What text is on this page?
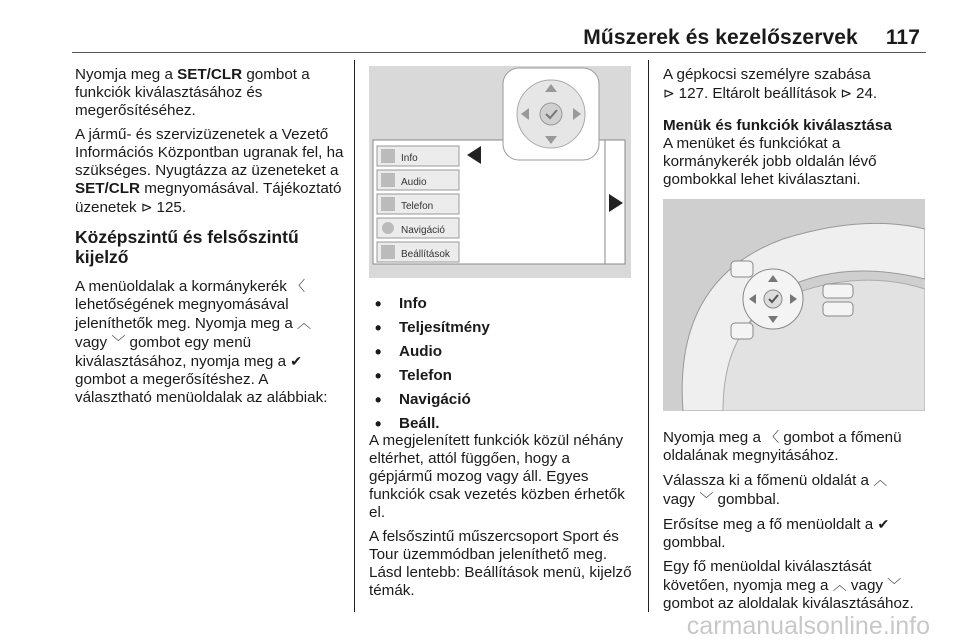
Műszerek és kezelőszervek 117

Nyomja meg a SET/CLR gombot a funkciók kiválasztásához és megerősítéséhez.

A jármű- és szervizüzenetek a Vezető Információs Központban ugranak fel, ha szükséges. Nyugtázza az üzeneteket a SET/CLR megnyomásával. Tájékoztató üzenetek ⊳ 125.

Középszintű és felsőszintű kijelző

A menüoldalak a kormánykerék 〈
lehetőségének megnyomásával jeleníthetők meg. Nyomja meg a ︿ vagy ﹀ gombot egy menü kiválasztásához, nyomja meg a ✔ gombot a megerősítéshez. A választható menüoldalak az alábbiak:

Info
Audio
Telefon
Navigáció
Beállítások
• Info
• Teljesítmény
• Audio
• Telefon
• Navigáció
• Beáll.

A megjelenített funkciók közül néhány eltérhet, attól függően, hogy a gépjármű mozog vagy áll. Egyes funkciók csak vezetés közben érhetők el.

A felsőszintű műszercsoport Sport és Tour üzemmódban jeleníthető meg. Lásd lentebb: Beállítások menü, kijelző témák.

A gépkocsi személyre szabása
⊳ 127. Eltárolt beállítások ⊳ 24.

Menük és funkciók kiválasztása

A menüket és funkciókat a kormánykerék jobb oldalán lévő gombokkal lehet kiválasztani.

Nyomja meg a 〈 gombot a főmenü oldalának megnyitásához.

Válassza ki a főmenü oldalát a ︿
vagy ﹀ gombbal.

Erősítse meg a fő menüoldalt a ✔
gombbal.

Egy fő menüoldal kiválasztását követően, nyomja meg a ︿ vagy ﹀
gombot az aloldalak kiválasztásához.

carmanualsonline.info
